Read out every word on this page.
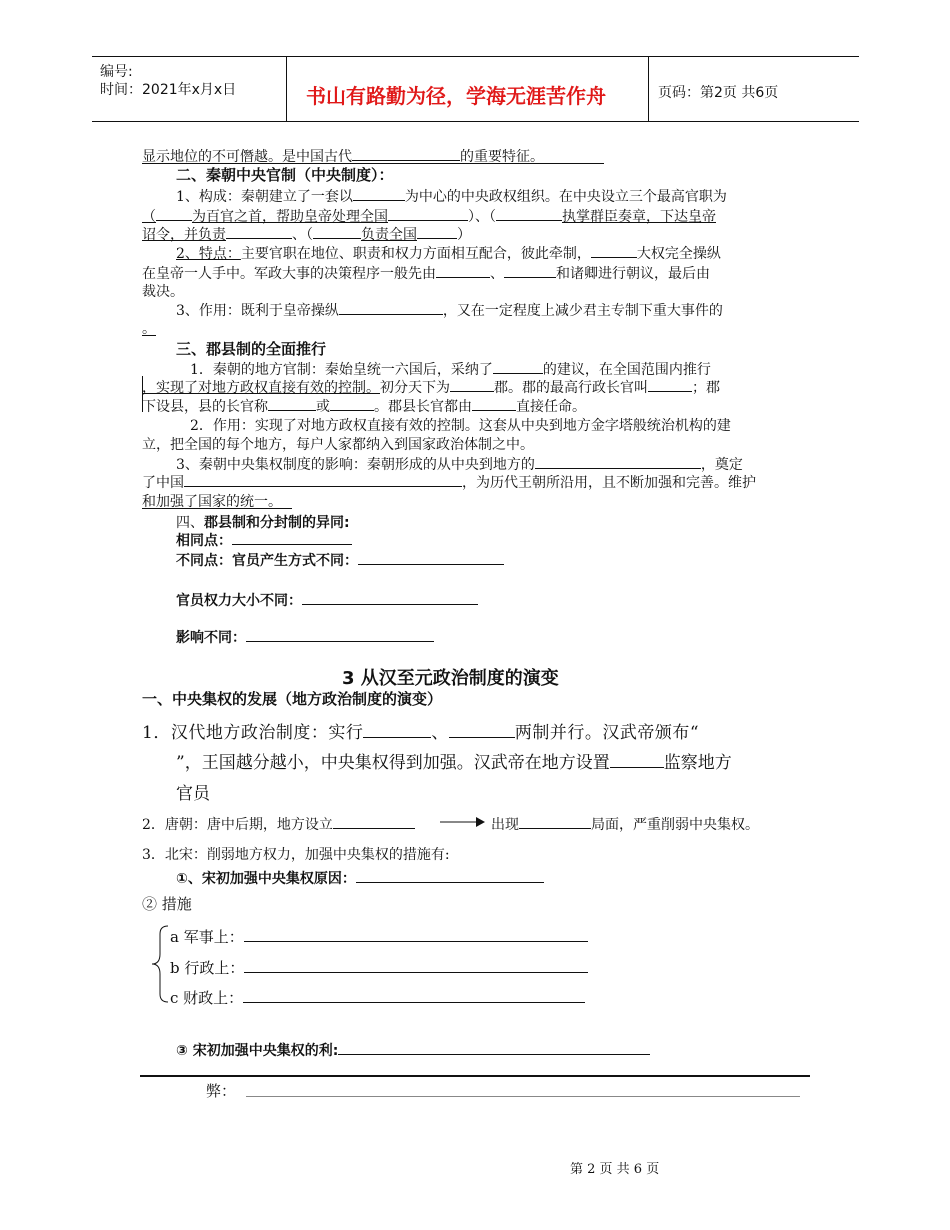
编号:
时间：2021年x月x日	书山有路勤为径，学海无涯苦作舟	页码：第2页 共6页
显示地位的不可僭越。是中国古代	的重要特征。
二、秦朝中央官制（中央制度）：
1、构成：秦朝建立了一套以	为中心的中央政权组织。在中央设立三个最高官职为
（	为百官之首，帮助皇帝处理全国	）、（	执掌群臣奏章，下达皇帝
诏令，并负责	、（	负责全国	）
2、特点：主要官职在地位、职责和权力方面相互配合，彼此牵制，	大权完全操纵
在皇帝一人手中。军政大事的决策程序一般先由	、	和诸卿进行朝议，最后由
裁决。
3、作用：既利于皇帝操纵	，又在一定程度上减少君主专制下重大事件的
。
三、郡县制的全面推行
1．秦朝的地方官制：秦始皇统一六国后，采纳了	的建议，在全国范围内推行
，实现了对地方政权直接有效的控制。初分天下为	郡。郡的最高行政长官叫	；郡
下设县，县的长官称	或	。郡县长官都由	直接任命。
2．作用：实现了对地方政权直接有效的控制。这套从中央到地方金字塔般统治机构的建
立，把全国的每个地方，每户人家都纳入到国家政治体制之中。
3、秦朝中央集权制度的影响：秦朝形成的从中央到地方的	，奠定
了中国	，为历代王朝所沿用，且不断加强和完善。维护
和加强了国家的统一。
四、郡县制和分封制的异同:
相同点：
不同点：官员产生方式不同：
官员权力大小不同：
影响不同：
3 从汉至元政治制度的演变
一、中央集权的发展（地方政治制度的演变）
1．汉代地方政治制度：实行	、	两制并行。汉武帝颁布“
”，王国越分越小，中央集权得到加强。汉武帝在地方设置	监察地方
官员
2．唐朝：唐中后期，地方设立	出现	局面，严重削弱中央集权。
3．北宋：削弱地方权力，加强中央集权的措施有:
①、宋初加强中央集权原因：
② 措施
a 军事上：
b 行政上：
c 财政上：
③ 宋初加强中央集权的利:
弊：
第 2 页 共 6 页
